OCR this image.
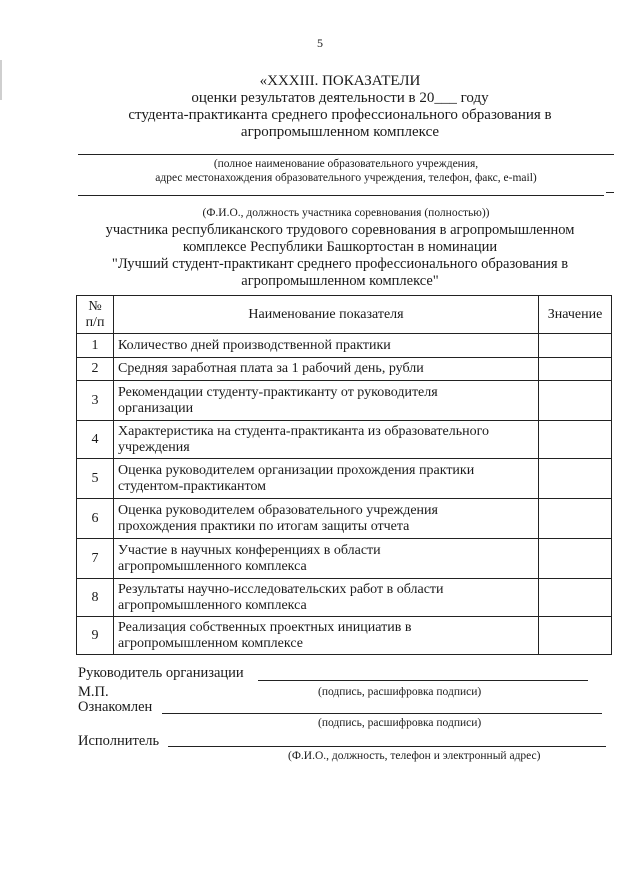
5
«XXXIII. ПОКАЗАТЕЛИ
оценки результатов деятельности в 20___ году
студента-практиканта среднего профессионального образования в
агропромышленном комплексе
(полное наименование образовательного учреждения,
адрес местонахождения образовательного учреждения, телефон, факс, e-mail)
(Ф.И.О., должность участника соревнования (полностью))
участника республиканского трудового соревнования в агропромышленном
комплексе Республики Башкортостан в номинации
"Лучший студент-практикант среднего профессионального образования в
агропромышленном комплексе"
№
п/п	Наименование показателя	Значение
1	Количество дней производственной практики	

2	Средняя заработная плата за 1 рабочий день, рубли	

3	Рекомендации студенту-практиканту от руководителя
организации	

4	Характеристика на студента-практиканта из образовательного
учреждения	

5	Оценка руководителем организации прохождения практики
студентом-практикантом	

6	Оценка руководителем образовательного учреждения
прохождения практики по итогам защиты отчета	

7	Участие в научных конференциях в области
агропромышленного комплекса	

8	Результаты научно-исследовательских работ в области
агропромышленного комплекса	

9	Реализация собственных проектных инициатив в
агропромышленном комплексе	

Руководитель организации
М.П.	(подпись, расшифровка подписи)
Ознакомлен
(подпись, расшифровка подписи)
Исполнитель
(Ф.И.О., должность, телефон и электронный адрес)
